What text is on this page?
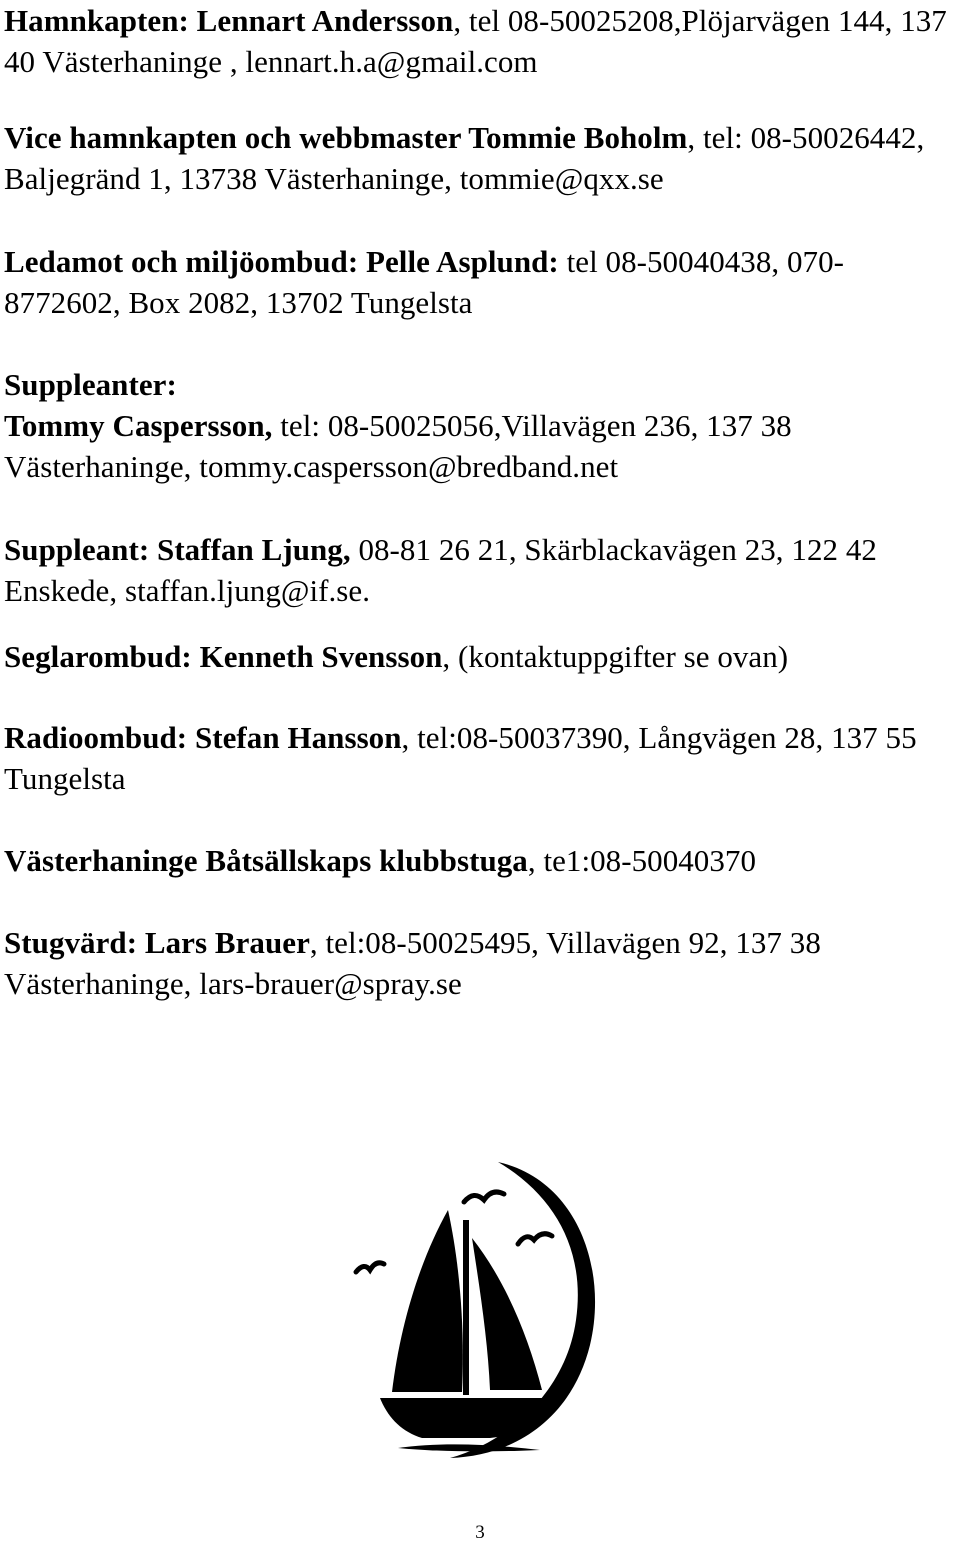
Hamnkapten: Lennart Andersson, tel 08-50025208,Plöjarvägen 144, 137 40 Västerhaninge , lennart.h.a@gmail.com

Vice hamnkapten och webbmaster Tommie Boholm, tel: 08-50026442, Baljegränd 1, 13738 Västerhaninge, tommie@qxx.se

Ledamot och miljöombud: Pelle Asplund: tel 08-50040438, 070-8772602, Box 2082, 13702 Tungelsta

Suppleanter:
Tommy Caspersson, tel: 08-50025056,Villavägen 236, 137 38 Västerhaninge, tommy.caspersson@bredband.net

Suppleant: Staffan Ljung, 08-81 26 21, Skärblackavägen 23, 122 42 Enskede, staffan.ljung@if.se.

Seglarombud: Kenneth Svensson, (kontaktuppgifter se ovan)

Radioombud: Stefan Hansson, tel:08-50037390, Långvägen 28, 137 55 Tungelsta

Västerhaninge Båtsällskaps klubbstuga, te1:08-50040370

Stugvärd: Lars Brauer, tel:08-50025495, Villavägen 92, 137 38 Västerhaninge, lars-brauer@spray.se

3
